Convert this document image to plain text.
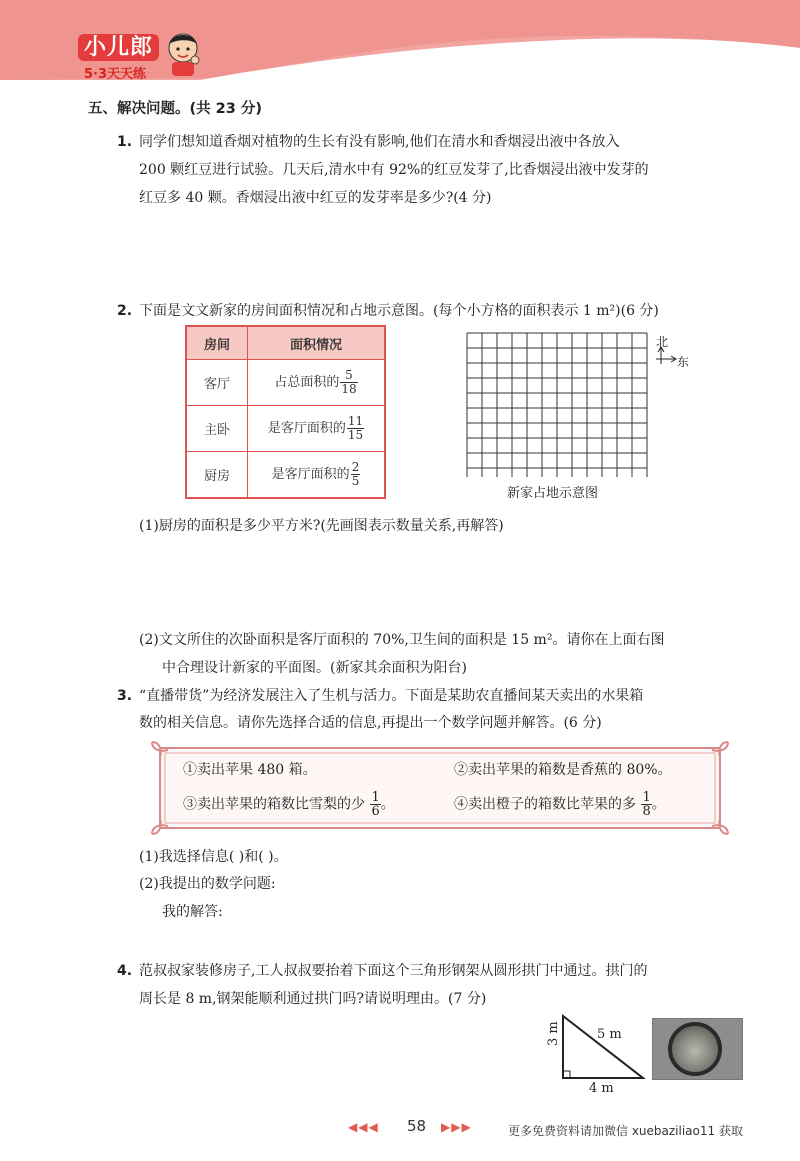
小儿郎
5·3天天练
五、解决问题。(共 23 分)
1. 同学们想知道香烟对植物的生长有没有影响,他们在清水和香烟浸出液中各放入
200 颗红豆进行试验。几天后,清水中有 92%的红豆发芽了,比香烟浸出液中发芽的
红豆多 40 颗。香烟浸出液中红豆的发芽率是多少?(4 分)
2. 下面是文文新家的房间面积情况和占地示意图。(每个小方格的面积表示 1 m²)(6 分)
房间	面积情况
客厅	占总面积的 $\frac{5}{18}$

主卧	是客厅面积的 $\frac{11}{15}$

厨房	是客厅面积的 $\frac{2}{5}$
新家占地示意图
北
东
(1)厨房的面积是多少平方米?(先画图表示数量关系,再解答)
(2)文文所住的次卧面积是客厅面积的 70%,卫生间的面积是 15 m²。请你在上面右图
中合理设计新家的平面图。(新家其余面积为阳台)
3. “直播带货”为经济发展注入了生机与活力。下面是某助农直播间某天卖出的水果箱
数的相关信息。请你先选择合适的信息,再提出一个数学问题并解答。(6 分)
①卖出苹果 480 箱。	②卖出苹果的箱数是香蕉的 80%。
③卖出苹果的箱数比雪梨的少 $\frac{1}{6}$ 。	④卖出橙子的箱数比苹果的多 $\frac{1}{8}$ 。
(1)我选择信息( )和( )。
(2)我提出的数学问题:
我的解答:
4. 范叔叔家装修房子,工人叔叔要抬着下面这个三角形钢架从圆形拱门中通过。拱门的
周长是 8 m,钢架能顺利通过拱门吗?请说明理由。(7 分)
5 m
3 m
4 m
◀◀◀ 58 ▶▶▶	更多免费资料请加微信 xuebaziliao11 获取
